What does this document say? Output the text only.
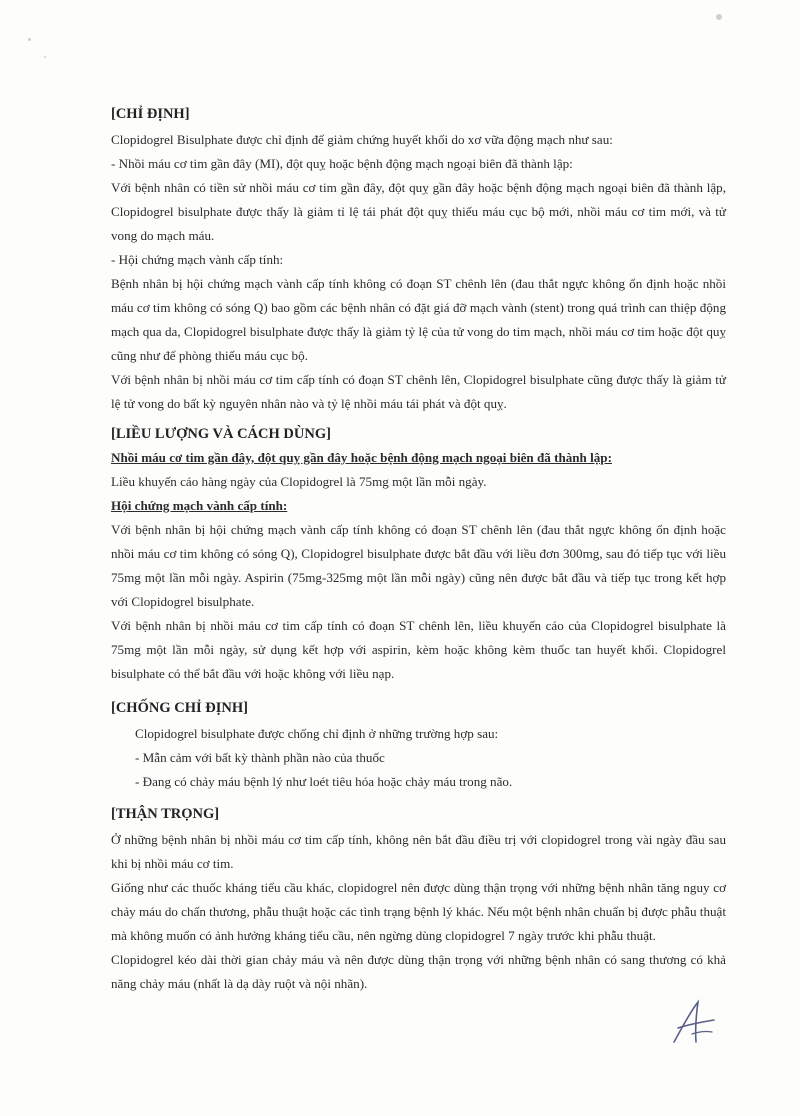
[CHỈ ĐỊNH]

Clopidogrel Bisulphate được chỉ định để giảm chứng huyết khối do xơ vữa động mạch như sau:

- Nhồi máu cơ tim gần đây (MI), đột quỵ hoặc bệnh động mạch ngoại biên đã thành lập:

Với bệnh nhân có tiền sử nhồi máu cơ tim gần đây, đột quỵ gần đây hoặc bệnh động mạch ngoại biên đã thành lập, Clopidogrel bisulphate được thấy là giảm tỉ lệ tái phát đột quỵ thiếu máu cục bộ mới, nhồi máu cơ tim mới, và tử vong do mạch máu.

- Hội chứng mạch vành cấp tính:

Bệnh nhân bị hội chứng mạch vành cấp tính không có đoạn ST chênh lên (đau thắt ngực không ổn định hoặc nhồi máu cơ tim không có sóng Q) bao gồm các bệnh nhân có đặt giá đỡ mạch vành (stent) trong quá trình can thiệp động mạch qua da, Clopidogrel bisulphate được thấy là giảm tỷ lệ của tử vong do tim mạch, nhồi máu cơ tim hoặc đột quỵ cũng như để phòng thiếu máu cục bộ.

Với bệnh nhân bị nhồi máu cơ tim cấp tính có đoạn ST chênh lên, Clopidogrel bisulphate cũng được thấy là giảm tử lệ tử vong do bất kỳ nguyên nhân nào và tỷ lệ nhồi máu tái phát và đột quỵ.

[LIỀU LƯỢNG VÀ CÁCH DÙNG]

Nhồi máu cơ tim gần đây, đột quỵ gần đây hoặc bệnh động mạch ngoại biên đã thành lập:

Liều khuyến cáo hàng ngày của Clopidogrel là 75mg một lần mỗi ngày.

Hội chứng mạch vành cấp tính:

Với bệnh nhân bị hội chứng mạch vành cấp tính không có đoạn ST chênh lên (đau thắt ngực không ổn định hoặc nhồi máu cơ tim không có sóng Q), Clopidogrel bisulphate được bắt đầu với liều đơn 300mg, sau đó tiếp tục với liều 75mg một lần mỗi ngày. Aspirin (75mg-325mg một lần mỗi ngày) cũng nên được bắt đầu và tiếp tục trong kết hợp với Clopidogrel bisulphate.

Với bệnh nhân bị nhồi máu cơ tim cấp tính có đoạn ST chênh lên, liều khuyến cáo của Clopidogrel bisulphate là 75mg một lần mỗi ngày, sử dụng kết hợp với aspirin, kèm hoặc không kèm thuốc tan huyết khối. Clopidogrel bisulphate có thể bắt đầu với hoặc không với liều nạp.

[CHỐNG CHỈ ĐỊNH]

Clopidogrel bisulphate được chống chỉ định ở những trường hợp sau:

- Mẫn cảm với bất kỳ thành phần nào của thuốc

- Đang có chảy máu bệnh lý như loét tiêu hóa hoặc chảy máu trong não.

[THẬN TRỌNG]

Ở những bệnh nhân bị nhồi máu cơ tim cấp tính, không nên bắt đầu điều trị với clopidogrel trong vài ngày đầu sau khi bị nhồi máu cơ tim.

Giống như các thuốc kháng tiểu cầu khác, clopidogrel nên được dùng thận trọng với những bệnh nhân tăng nguy cơ chảy máu do chấn thương, phẫu thuật hoặc các tình trạng bệnh lý khác. Nếu một bệnh nhân chuẩn bị được phẫu thuật mà không muốn có ảnh hưởng kháng tiểu cầu, nên ngừng dùng clopidogrel 7 ngày trước khi phẫu thuật.

Clopidogrel kéo dài thời gian chảy máu và nên được dùng thận trọng với những bệnh nhân có sang thương có khả năng chảy máu (nhất là dạ dày ruột và nội nhãn).
